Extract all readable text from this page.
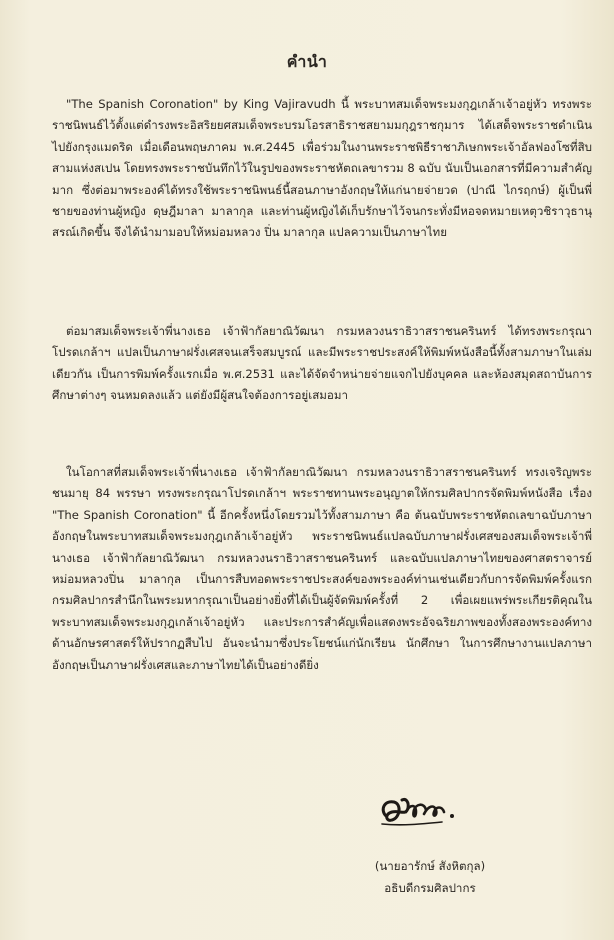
คำนำ

"The Spanish Coronation" by King Vajiravudh นี้ พระบาทสมเด็จพระมงกุฎเกล้าเจ้าอยู่หัว ทรงพระราชนิพนธ์ไว้ตั้งแต่ดำรงพระอิสริยยศสมเด็จพระบรมโอรสาธิราชสยามมกุฎราชกุมาร ได้เสด็จพระราชดำเนินไปยังกรุงแมดริด เมื่อเดือนพฤษภาคม พ.ศ.2445 เพื่อร่วมในงานพระราชพิธีราชาภิเษกพระเจ้าอัลฟองโซที่สิบสามแห่งสเปน โดยทรงพระราชบันทึกไว้ในรูปของพระราชหัตถเลขารวม 8 ฉบับ นับเป็นเอกสารที่มีความสำคัญมาก ซึ่งต่อมาพระองค์ได้ทรงใช้พระราชนิพนธ์นี้สอนภาษาอังกฤษให้แก่นายจ่ายวด (ปาณี ไกรฤกษ์) ผู้เป็นพี่ชายของท่านผู้หญิง ดุษฎีมาลา มาลากุล และท่านผู้หญิงได้เก็บรักษาไว้จนกระทั่งมีหอจดหมายเหตุวชิราวุธานุสรณ์เกิดขึ้น จึงได้นำมามอบให้หม่อมหลวง ปิ่น มาลากุล แปลความเป็นภาษาไทย

ต่อมาสมเด็จพระเจ้าพี่นางเธอ เจ้าฟ้ากัลยาณิวัฒนา กรมหลวงนราธิวาสราชนครินทร์ ได้ทรงพระกรุณาโปรดเกล้าฯ แปลเป็นภาษาฝรั่งเศสจนเสร็จสมบูรณ์ และมีพระราชประสงค์ให้พิมพ์หนังสือนี้ทั้งสามภาษาในเล่มเดียวกัน เป็นการพิมพ์ครั้งแรกเมื่อ พ.ศ.2531 และได้จัดจำหน่ายจ่ายแจกไปยังบุคคล และห้องสมุดสถาบันการศึกษาต่างๆ จนหมดลงแล้ว แต่ยังมีผู้สนใจต้องการอยู่เสมอมา

ในโอกาสที่สมเด็จพระเจ้าพี่นางเธอ เจ้าฟ้ากัลยาณิวัฒนา กรมหลวงนราธิวาสราชนครินทร์ ทรงเจริญพระชนมายุ 84 พรรษา ทรงพระกรุณาโปรดเกล้าฯ พระราชทานพระอนุญาตให้กรมศิลปากรจัดพิมพ์หนังสือ เรื่อง "The Spanish Coronation" นี้ อีกครั้งหนึ่งโดยรวมไว้ทั้งสามภาษา คือ ต้นฉบับพระราชหัตถเลขาฉบับภาษาอังกฤษในพระบาทสมเด็จพระมงกุฎเกล้าเจ้าอยู่หัว พระราชนิพนธ์แปลฉบับภาษาฝรั่งเศสของสมเด็จพระเจ้าพี่นางเธอ เจ้าฟ้ากัลยาณิวัฒนา กรมหลวงนราธิวาสราชนครินทร์ และฉบับแปลภาษาไทยของศาสตราจารย์หม่อมหลวงปิ่น มาลากุล เป็นการสืบทอดพระราชประสงค์ของพระองค์ท่านเช่นเดียวกับการจัดพิมพ์ครั้งแรก กรมศิลปากรสำนึกในพระมหากรุณาเป็นอย่างยิ่งที่ได้เป็นผู้จัดพิมพ์ครั้งที่ 2 เพื่อเผยแพร่พระเกียรติคุณในพระบาทสมเด็จพระมงกุฎเกล้าเจ้าอยู่หัว และประการสำคัญเพื่อแสดงพระอัจฉริยภาพของทั้งสองพระองค์ทางด้านอักษรศาสตร์ให้ปรากฏสืบไป อันจะนำมาซึ่งประโยชน์แก่นักเรียน นักศึกษา ในการศึกษางานแปลภาษาอังกฤษเป็นภาษาฝรั่งเศสและภาษาไทยได้เป็นอย่างดียิ่ง

(นายอารักษ์ สังหิตกุล)
อธิบดีกรมศิลปากร
